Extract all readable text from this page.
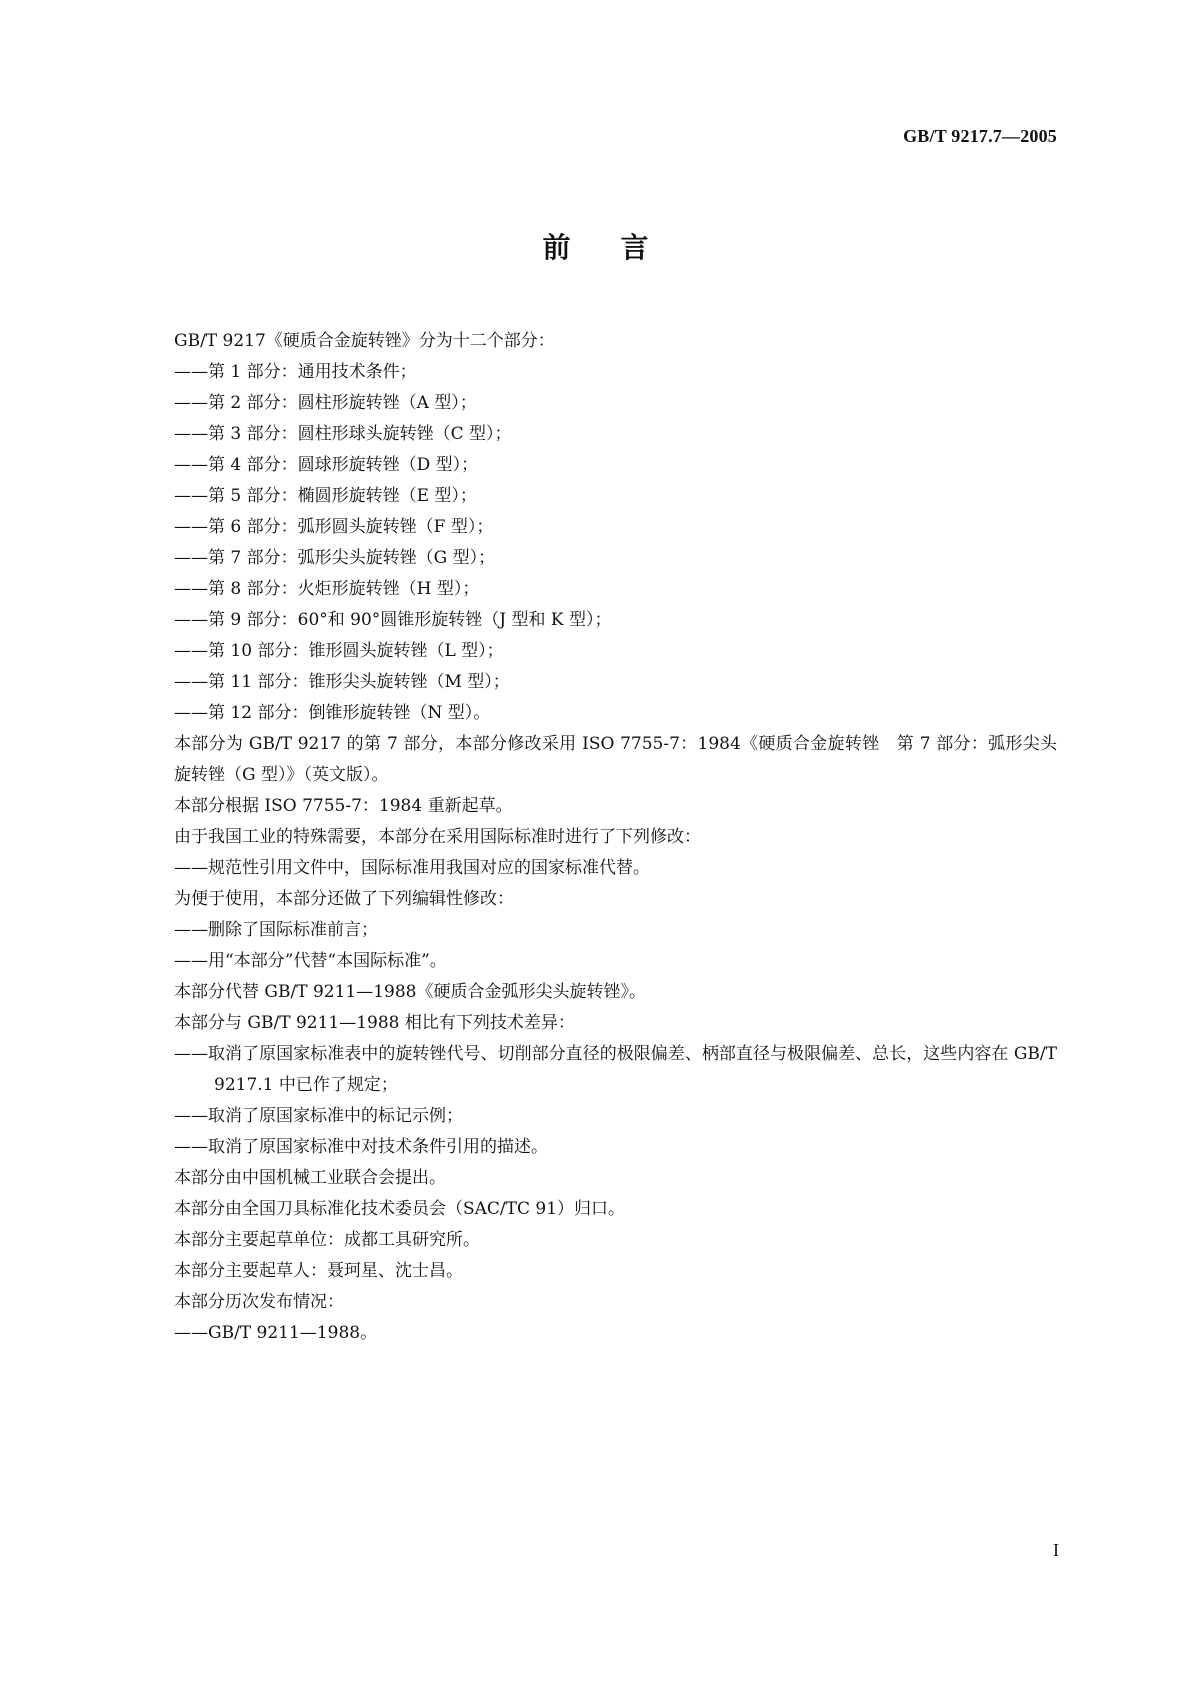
GB/T 9217.7—2005
前言

GB/T 9217《硬质合金旋转锉》分为十二个部分：

——第 1 部分：通用技术条件；

——第 2 部分：圆柱形旋转锉（A 型）；

——第 3 部分：圆柱形球头旋转锉（C 型）；

——第 4 部分：圆球形旋转锉（D 型）；

——第 5 部分：椭圆形旋转锉（E 型）；

——第 6 部分：弧形圆头旋转锉（F 型）；

——第 7 部分：弧形尖头旋转锉（G 型）；

——第 8 部分：火炬形旋转锉（H 型）；

——第 9 部分：60°和 90°圆锥形旋转锉（J 型和 K 型）；

——第 10 部分：锥形圆头旋转锉（L 型）；

——第 11 部分：锥形尖头旋转锉（M 型）；

——第 12 部分：倒锥形旋转锉（N 型）。

本部分为 GB/T 9217 的第 7 部分，本部分修改采用 ISO 7755-7：1984《硬质合金旋转锉　第 7 部分：弧形尖头旋转锉（G 型）》（英文版）。

本部分根据 ISO 7755-7：1984 重新起草。

由于我国工业的特殊需要，本部分在采用国际标准时进行了下列修改：

——规范性引用文件中，国际标准用我国对应的国家标准代替。

为便于使用，本部分还做了下列编辑性修改：

——删除了国际标准前言；

——用“本部分”代替“本国际标准”。

本部分代替 GB/T 9211—1988《硬质合金弧形尖头旋转锉》。

本部分与 GB/T 9211—1988 相比有下列技术差异：

——取消了原国家标准表中的旋转锉代号、切削部分直径的极限偏差、柄部直径与极限偏差、总长，这些内容在 GB/T 9217.1 中已作了规定；

——取消了原国家标准中的标记示例；

——取消了原国家标准中对技术条件引用的描述。

本部分由中国机械工业联合会提出。

本部分由全国刀具标准化技术委员会（SAC/TC 91）归口。

本部分主要起草单位：成都工具研究所。

本部分主要起草人：聂珂星、沈士昌。

本部分历次发布情况：

——GB/T 9211—1988。

I
